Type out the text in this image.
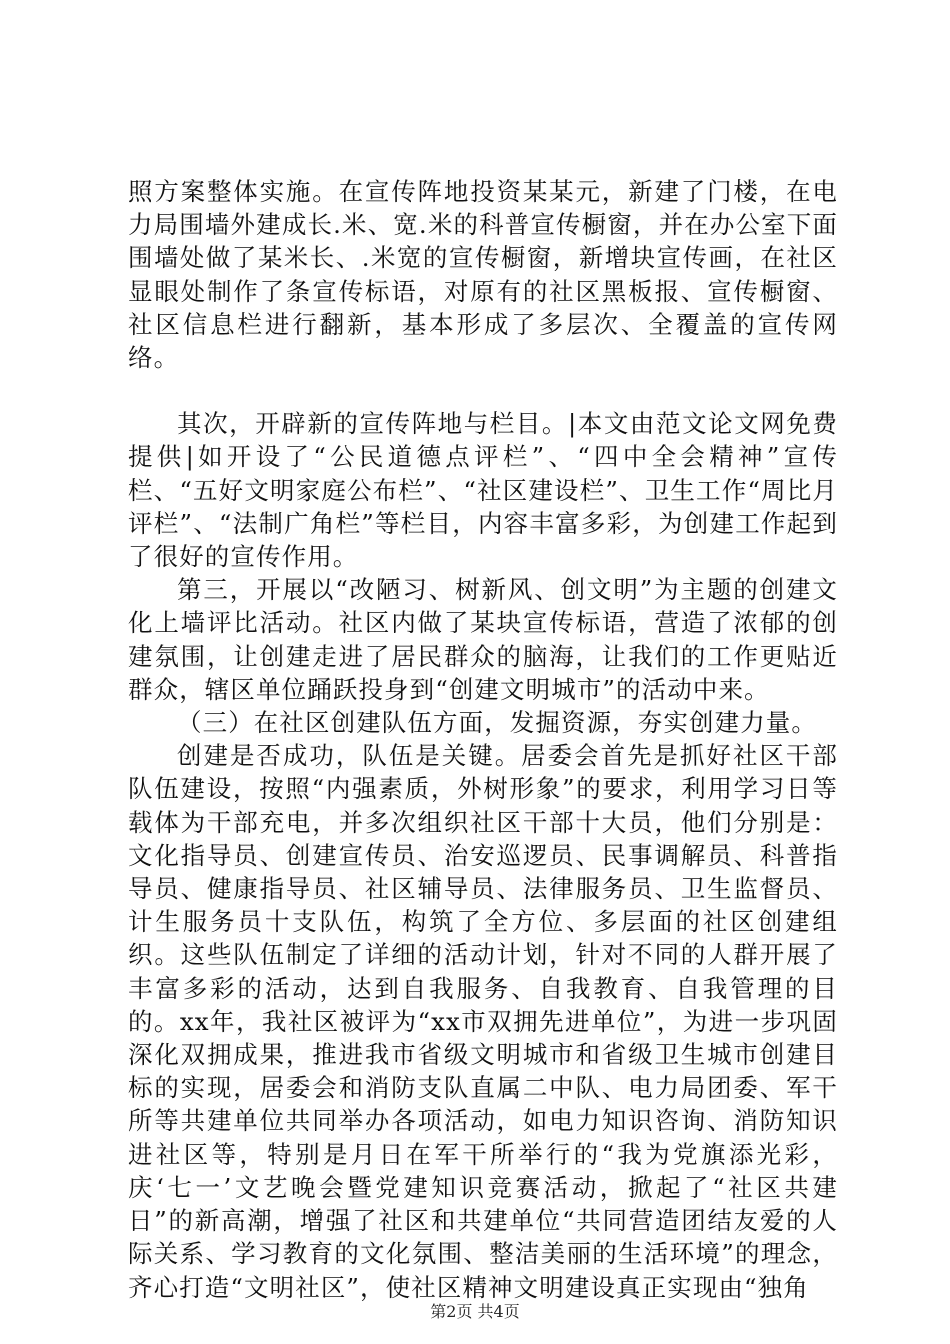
照方案整体实施。在宣传阵地投资某某元，新建了门楼，在电力局围墙外建成长.米、宽.米的科普宣传橱窗，并在办公室下面围墙处做了某米长、.米宽的宣传橱窗，新增块宣传画，在社区显眼处制作了条宣传标语，对原有的社区黑板报、宣传橱窗、社区信息栏进行翻新，基本形成了多层次、全覆盖的宣传网络。

其次，开辟新的宣传阵地与栏目。|本文由范文论文网免费提供|如开设了“公民道德点评栏”、“四中全会精神”宣传栏、“五好文明家庭公布栏”、“社区建设栏”、卫生工作“周比月评栏”、“法制广角栏”等栏目，内容丰富多彩，为创建工作起到了很好的宣传作用。

第三，开展以“改陋习、树新风、创文明”为主题的创建文化上墙评比活动。社区内做了某块宣传标语，营造了浓郁的创建氛围，让创建走进了居民群众的脑海，让我们的工作更贴近群众，辖区单位踊跃投身到“创建文明城市”的活动中来。

（三）在社区创建队伍方面，发掘资源，夯实创建力量。

创建是否成功，队伍是关键。居委会首先是抓好社区干部队伍建设，按照“内强素质，外树形象”的要求，利用学习日等载体为干部充电，并多次组织社区干部十大员，他们分别是：文化指导员、创建宣传员、治安巡逻员、民事调解员、科普指导员、健康指导员、社区辅导员、法律服务员、卫生监督员、计生服务员十支队伍，构筑了全方位、多层面的社区创建组织。这些队伍制定了详细的活动计划，针对不同的人群开展了丰富多彩的活动，达到自我服务、自我教育、自我管理的目的。xx年，我社区被评为“xx市双拥先进单位”，为进一步巩固深化双拥成果，推进我市省级文明城市和省级卫生城市创建目标的实现，居委会和消防支队直属二中队、电力局团委、军干所等共建单位共同举办各项活动，如电力知识咨询、消防知识进社区等，特别是月日在军干所举行的“我为党旗添光彩，庆‘七一’文艺晚会暨党建知识竞赛活动，掀起了“社区共建日”的新高潮，增强了社区和共建单位“共同营造团结友爱的人际关系、学习教育的文化氛围、整洁美丽的生活环境”的理念，齐心打造“文明社区”，使社区精神文明建设真正实现由“独角

第2页 共4页
